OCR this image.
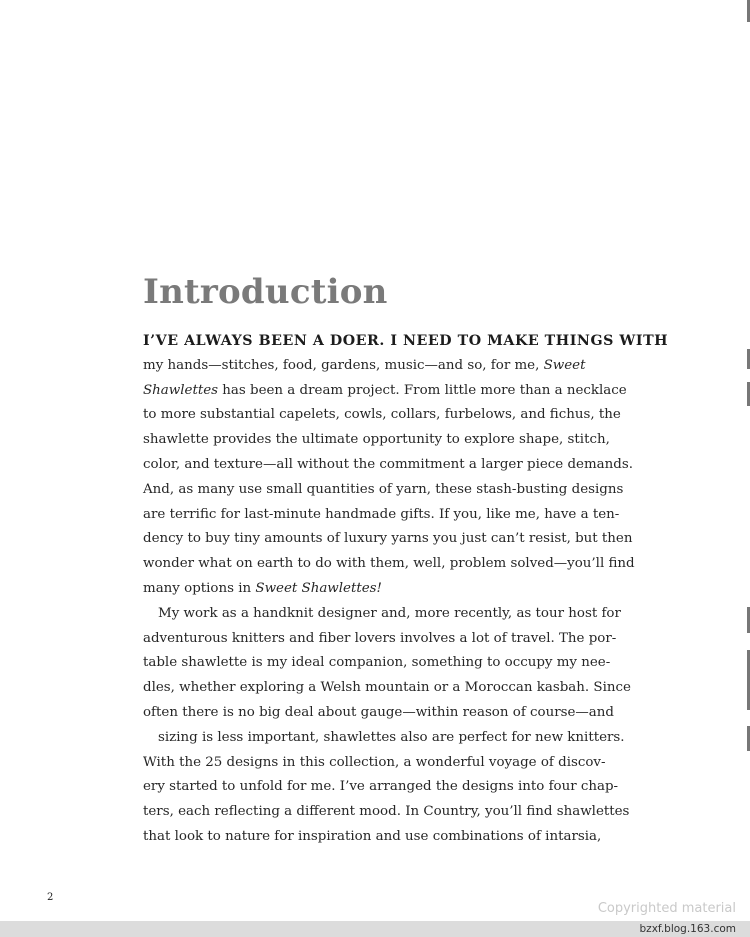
Introduction
I’VE ALWAYS BEEN A DOER. I NEED TO MAKE THINGS WITH
my hands—stitches, food, gardens, music—and so, for me, Sweet
Shawlettes has been a dream project. From little more than a necklace
to more substantial capelets, cowls, collars, furbelows, and fichus, the
shawlette provides the ultimate opportunity to explore shape, stitch,
color, and texture—all without the commitment a larger piece demands.
And, as many use small quantities of yarn, these stash-busting designs
are terrific for last-minute handmade gifts. If you, like me, have a ten-
dency to buy tiny amounts of luxury yarns you just can’t resist, but then
wonder what on earth to do with them, well, problem solved—you’ll find
many options in Sweet Shawlettes!
My work as a handknit designer and, more recently, as tour host for
adventurous knitters and fiber lovers involves a lot of travel. The por-
table shawlette is my ideal companion, something to occupy my nee-
dles, whether exploring a Welsh mountain or a Moroccan kasbah. Since
often there is no big deal about gauge—within reason of course—and
sizing is less important, shawlettes also are perfect for new knitters.
With the 25 designs in this collection, a wonderful voyage of discov-
ery started to unfold for me. I’ve arranged the designs into four chap-
ters, each reflecting a different mood. In Country, you’ll find shawlettes
that look to nature for inspiration and use combinations of intarsia,
2
Copyrighted material
bzxf.blog.163.com
